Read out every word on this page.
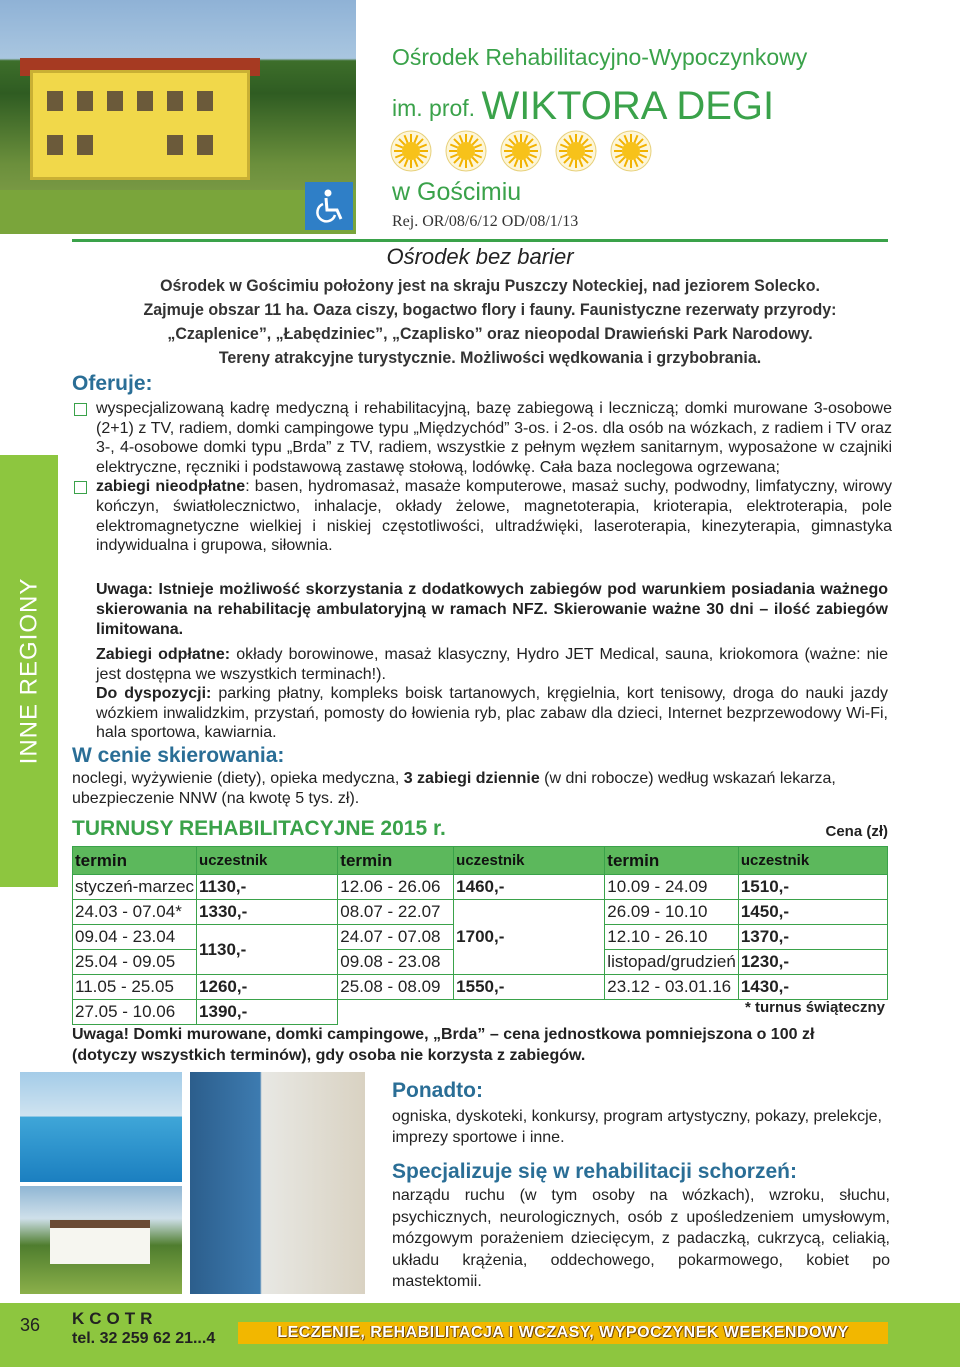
Ośrodek Rehabilitacyjno-Wypoczynkowy
im. prof. WIKTORA DEGI
w Gościmiu
Rej. OR/08/6/12 OD/08/1/13
Ośrodek bez barier
Ośrodek w Gościmiu położony jest na skraju Puszczy Noteckiej, nad jeziorem Solecko.
Zajmuje obszar 11 ha. Oaza ciszy, bogactwo flory i fauny. Faunistyczne rezerwaty przyrody:
„Czaplenice”, „Łabędziniec”, „Czaplisko” oraz nieopodal Drawieński Park Narodowy.
Tereny atrakcyjne turystycznie. Możliwości wędkowania i grzybobrania.
INNE REGIONY
Oferuje:
wyspecjalizowaną kadrę medyczną i rehabilitacyjną, bazę zabiegową i leczniczą; domki murowane 3-osobowe (2+1) z TV, radiem, domki campingowe typu „Międzychód” 3-os. i 2-os. dla osób na wózkach, z radiem i TV oraz 3-, 4-osobowe domki typu „Brda” z TV, radiem, wszystkie z pełnym węzłem sanitarnym, wyposażone w czajniki elektryczne, ręczniki i podstawową zastawę stołową, lodówkę. Cała baza noclegowa ogrzewana;
zabiegi nieodpłatne: basen, hydromasaż, masaże komputerowe, masaż suchy, podwodny, limfatyczny, wirowy kończyn, światłolecznictwo, inhalacje, okłady żelowe, magnetoterapia, krioterapia, elektroterapia, pole elektromagnetyczne wielkiej i niskiej częstotliwości, ultradźwięki, laseroterapia, kinezyterapia, gimnastyka indywidualna i grupowa, siłownia.
Uwaga: Istnieje możliwość skorzystania z dodatkowych zabiegów pod warunkiem posiadania ważnego skierowania na rehabilitację ambulatoryjną w ramach NFZ. Skierowanie ważne 30 dni – ilość zabiegów limitowana.
Zabiegi odpłatne: okłady borowinowe, masaż klasyczny, Hydro JET Medical, sauna, kriokomora (ważne: nie jest dostępna we wszystkich terminach!).
Do dyspozycji: parking płatny, kompleks boisk tartanowych, kręgielnia, kort tenisowy, droga do nauki jazdy wózkiem inwalidzkim, przystań, pomosty do łowienia ryb, plac zabaw dla dzieci, Internet bezprzewodowy Wi-Fi, hala sportowa, kawiarnia.
W cenie skierowania:
noclegi, wyżywienie (diety), opieka medyczna, 3 zabiegi dziennie (w dni robocze) według wskazań lekarza, ubezpieczenie NNW (na kwotę 5 tys. zł).
TURNUSY REHABILITACYJNE 2015 r.	Cena (zł)
termin	uczestnik	termin	uczestnik	termin	uczestnik
styczeń-marzec	1130,-	12.06 - 26.06	1460,-	10.09 - 24.09	1510,-
24.03 - 07.04*	1330,-	08.07 - 22.07	1700,-	26.09 - 10.10	1450,-
09.04 - 23.04	1130,-	24.07 - 07.08		12.10 - 26.10	1370,-
25.04 - 09.05		09.08 - 23.08		listopad/grudzień	1230,-
11.05 - 25.05	1260,-	25.08 - 08.09	1550,-	23.12 - 03.01.16	1430,-
27.05 - 10.06	1390,-					* turnus świąteczny
Uwaga! Domki murowane, domki campingowe, „Brda” – cena jednostkowa pomniejszona o 100 zł (dotyczy wszystkich terminów), gdy osoba nie korzysta z zabiegów.
Ponadto:
ogniska, dyskoteki, konkursy, program artystyczny, pokazy, prelekcje, imprezy sportowe i inne.
Specjalizuje się w rehabilitacji schorzeń:
narządu ruchu (w tym osoby na wózkach), wzroku, słuchu, psychicznych, neurologicznych, osób z upośledzeniem umysłowym, mózgowym porażeniem dziecięcym, z padaczką, cukrzycą, celiakią, układu krążenia, oddechowego, pokarmowego, kobiet po mastektomii.
36 KCOTR
tel. 32 259 62 21...4	LECZENIE, REHABILITACJA I WCZASY, WYPOCZYNEK WEEKENDOWY
